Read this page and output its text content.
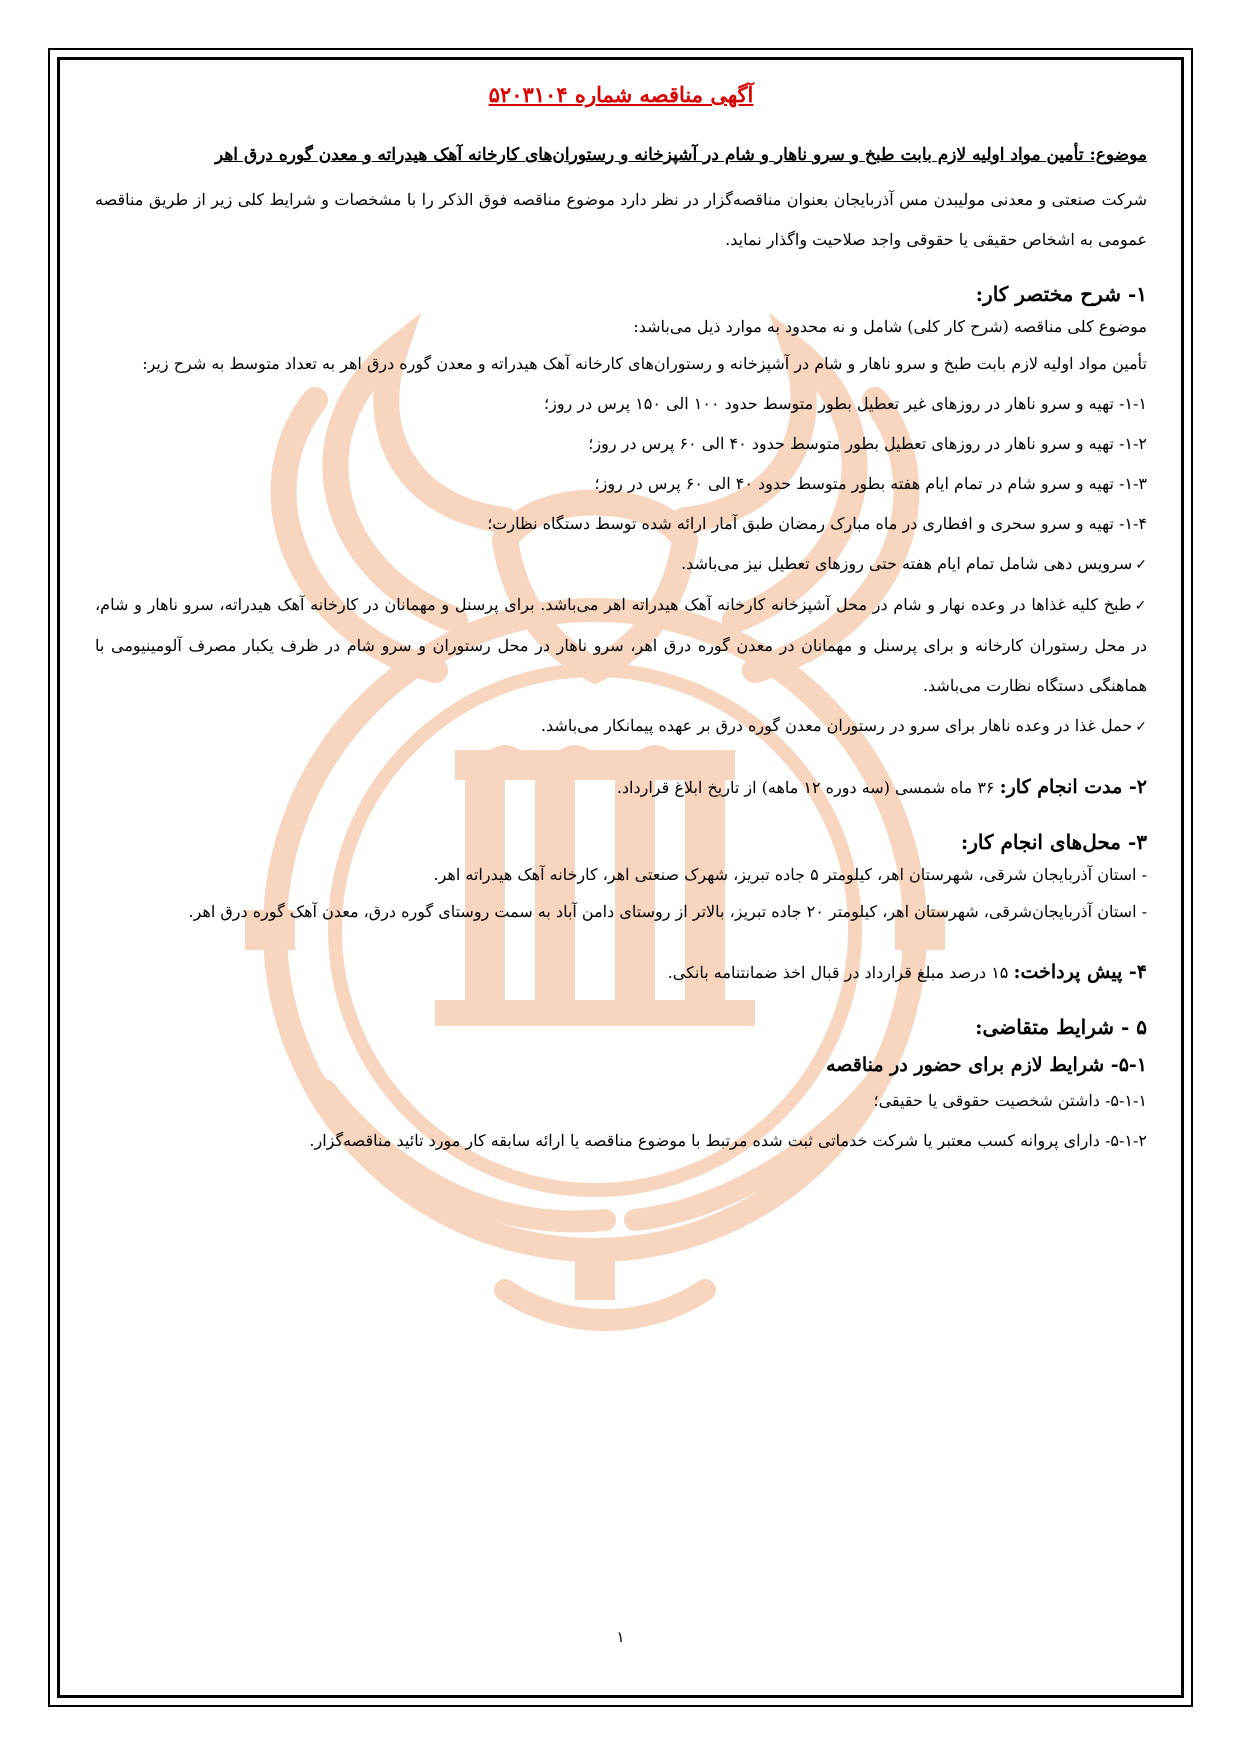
آگهی مناقصه شماره ۵۲۰۳۱۰۴
موضوع: تأمین مواد اولیه لازم بابت طبخ و سرو ناهار و شام در آشپزخانه و رستوران‌های کارخانه آهک هیدراته و معدن گوره درق اهر

شرکت صنعتی و معدنی مولیبدن مس آذربایجان بعنوان مناقصه‌گزار در نظر دارد موضوع مناقصه فوق الذکر را با مشخصات و شرایط کلی زیر از طریق مناقصه عمومی به اشخاص حقیقی یا حقوقی واجد صلاحیت واگذار نماید.

۱- شرح مختصر کار:

موضوع کلی مناقصه (شرح کار کلی) شامل و نه محدود به موارد ذیل می‌باشد:

تأمین مواد اولیه لازم بابت طبخ و سرو ناهار و شام در آشپزخانه و رستوران‌های کارخانه آهک هیدراته و معدن گوره درق اهر به تعداد متوسط به شرح زیر:

۱-۱- تهیه و سرو ناهار در روزهای غیر تعطیل بطور متوسط حدود ۱۰۰ الی ۱۵۰ پرس در روز؛

۱-۲- تهیه و سرو ناهار در روزهای تعطیل بطور متوسط حدود ۴۰ الی ۶۰ پرس در روز؛

۱-۳- تهیه و سرو شام در تمام ایام هفته بطور متوسط حدود ۴۰ الی ۶۰ پرس در روز؛

۱-۴- تهیه و سرو سحری و افطاری در ماه مبارک رمضان طبق آمار ارائه شده توسط دستگاه نظارت؛

✓ سرویس دهی شامل تمام ایام هفته حتی روزهای تعطیل نیز می‌باشد.

✓ طبخ کلیه غذاها در وعده نهار و شام در محل آشپزخانه کارخانه آهک هیدراته اهر می‌باشد. برای پرسنل و مهمانان در کارخانه آهک هیدراته، سرو ناهار و شام، در محل رستوران کارخانه و برای پرسنل و مهمانان در معدن گوره درق اهر، سرو ناهار در محل رستوران و سرو شام در ظرف یکبار مصرف آلومینیومی با هماهنگی دستگاه نظارت می‌باشد.

✓ حمل غذا در وعده ناهار برای سرو در رستوران معدن گوره درق بر عهده پیمانکار می‌باشد.

۲- مدت انجام کار: ۳۶ ماه شمسی (سه دوره ۱۲ ماهه) از تاریخ ابلاغ قرارداد.

۳- محل‌های انجام کار:

- استان آذربایجان شرقی، شهرستان اهر، کیلومتر ۵ جاده تبریز، شهرک صنعتی اهر، کارخانه آهک هیدراته اهر.

- استان آذربایجان‌شرقی، شهرستان اهر، کیلومتر ۲۰ جاده تبریز، بالاتر از روستای دامن آباد به سمت روستای گوره درق، معدن آهک گوره درق اهر.

۴- پیش پرداخت: ۱۵ درصد مبلغ قرارداد در قبال اخذ ضمانتنامه بانکی.

۵ - شرایط متقاضی:
۵-۱- شرایط لازم برای حضور در مناقصه

۵-۱-۱- داشتن شخصیت حقوقی یا حقیقی؛

۵-۱-۲- دارای پروانه کسب معتبر یا شرکت خدماتی ثبت شده مرتبط با موضوع مناقصه یا ارائه سابقه کار مورد تائید مناقصه‌گزار.

۱
